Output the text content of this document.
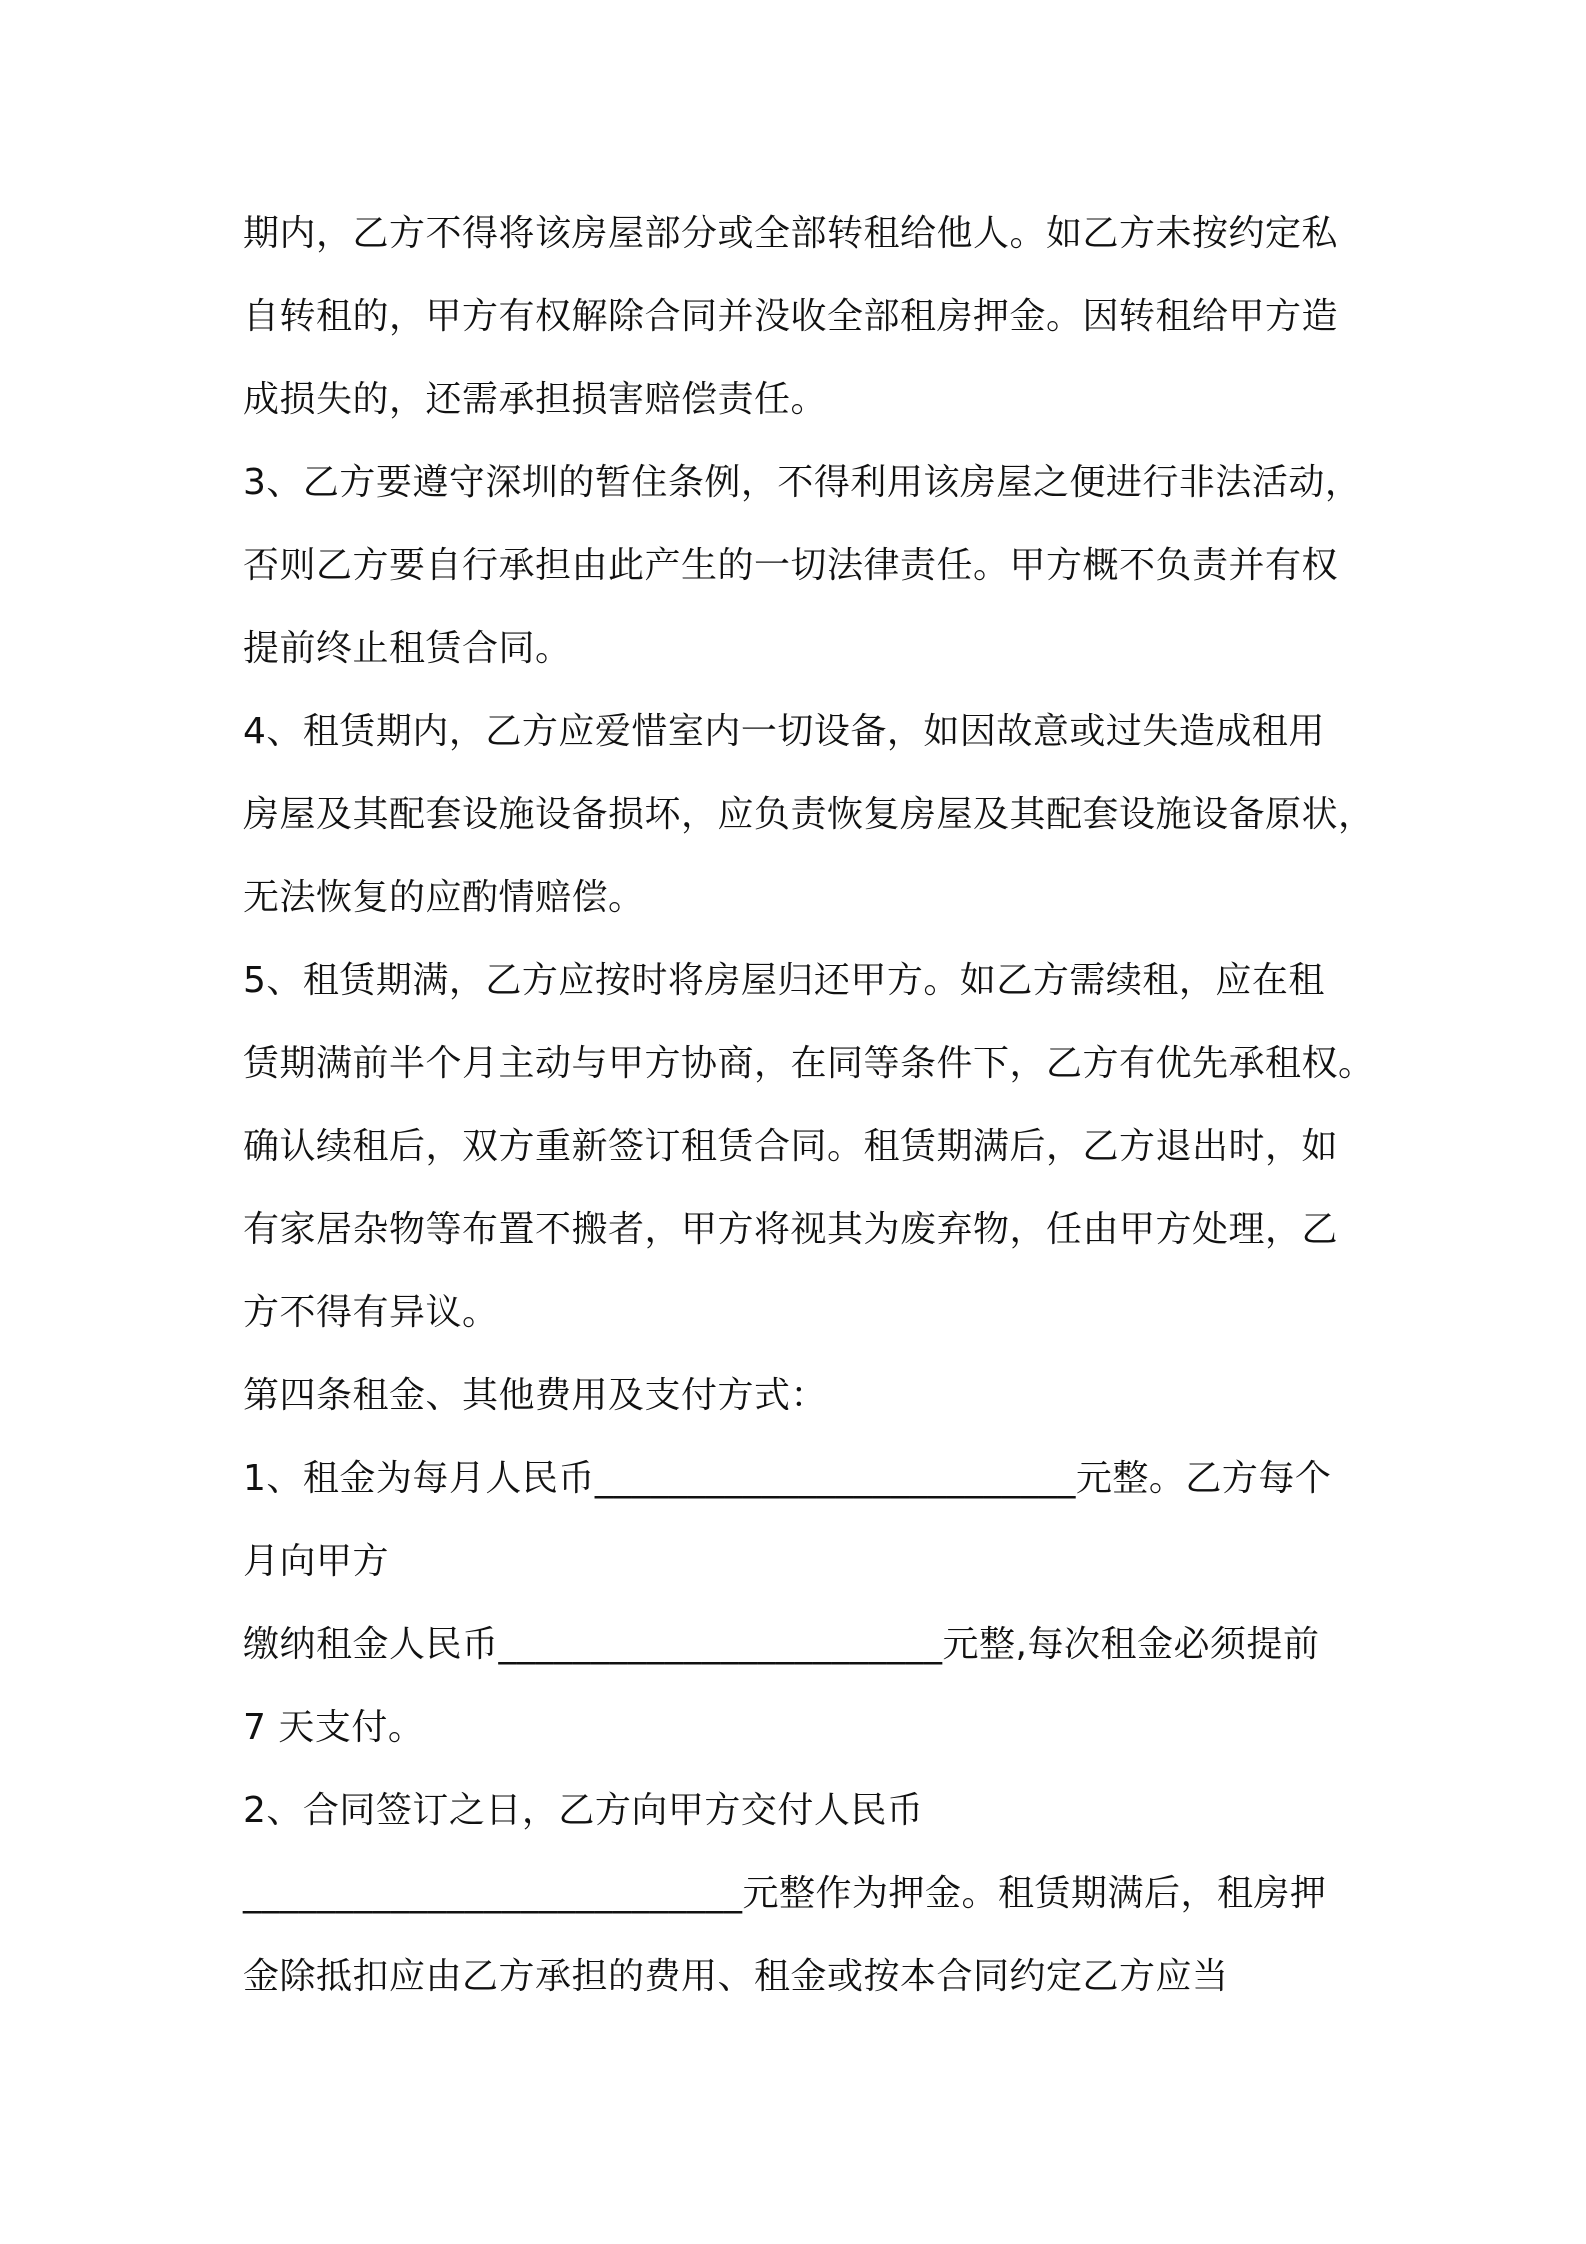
期内，乙方不得将该房屋部分或全部转租给他人。如乙方未按约定私
自转租的，甲方有权解除合同并没收全部租房押金。因转租给甲方造
成损失的，还需承担损害赔偿责任。
3、乙方要遵守深圳的暂住条例，不得利用该房屋之便进行非法活动，
否则乙方要自行承担由此产生的一切法律责任。甲方概不负责并有权
提前终止租赁合同。
4、租赁期内，乙方应爱惜室内一切设备，如因故意或过失造成租用
房屋及其配套设施设备损坏，应负责恢复房屋及其配套设施设备原状，
无法恢复的应酌情赔偿。
5、租赁期满，乙方应按时将房屋归还甲方。如乙方需续租，应在租
赁期满前半个月主动与甲方协商，在同等条件下，乙方有优先承租权。
确认续租后，双方重新签订租赁合同。租赁期满后，乙方退出时，如
有家居杂物等布置不搬者，甲方将视其为废弃物，任由甲方处理，乙
方不得有异议。
第四条租金、其他费用及支付方式：
1、租金为每月人民币__________________________元整。乙方每个
月向甲方
缴纳租金人民币________________________元整,每次租金必须提前
7 天支付。
2、合同签订之日，乙方向甲方交付人民币
___________________________元整作为押金。租赁期满后，租房押
金除抵扣应由乙方承担的费用、租金或按本合同约定乙方应当
